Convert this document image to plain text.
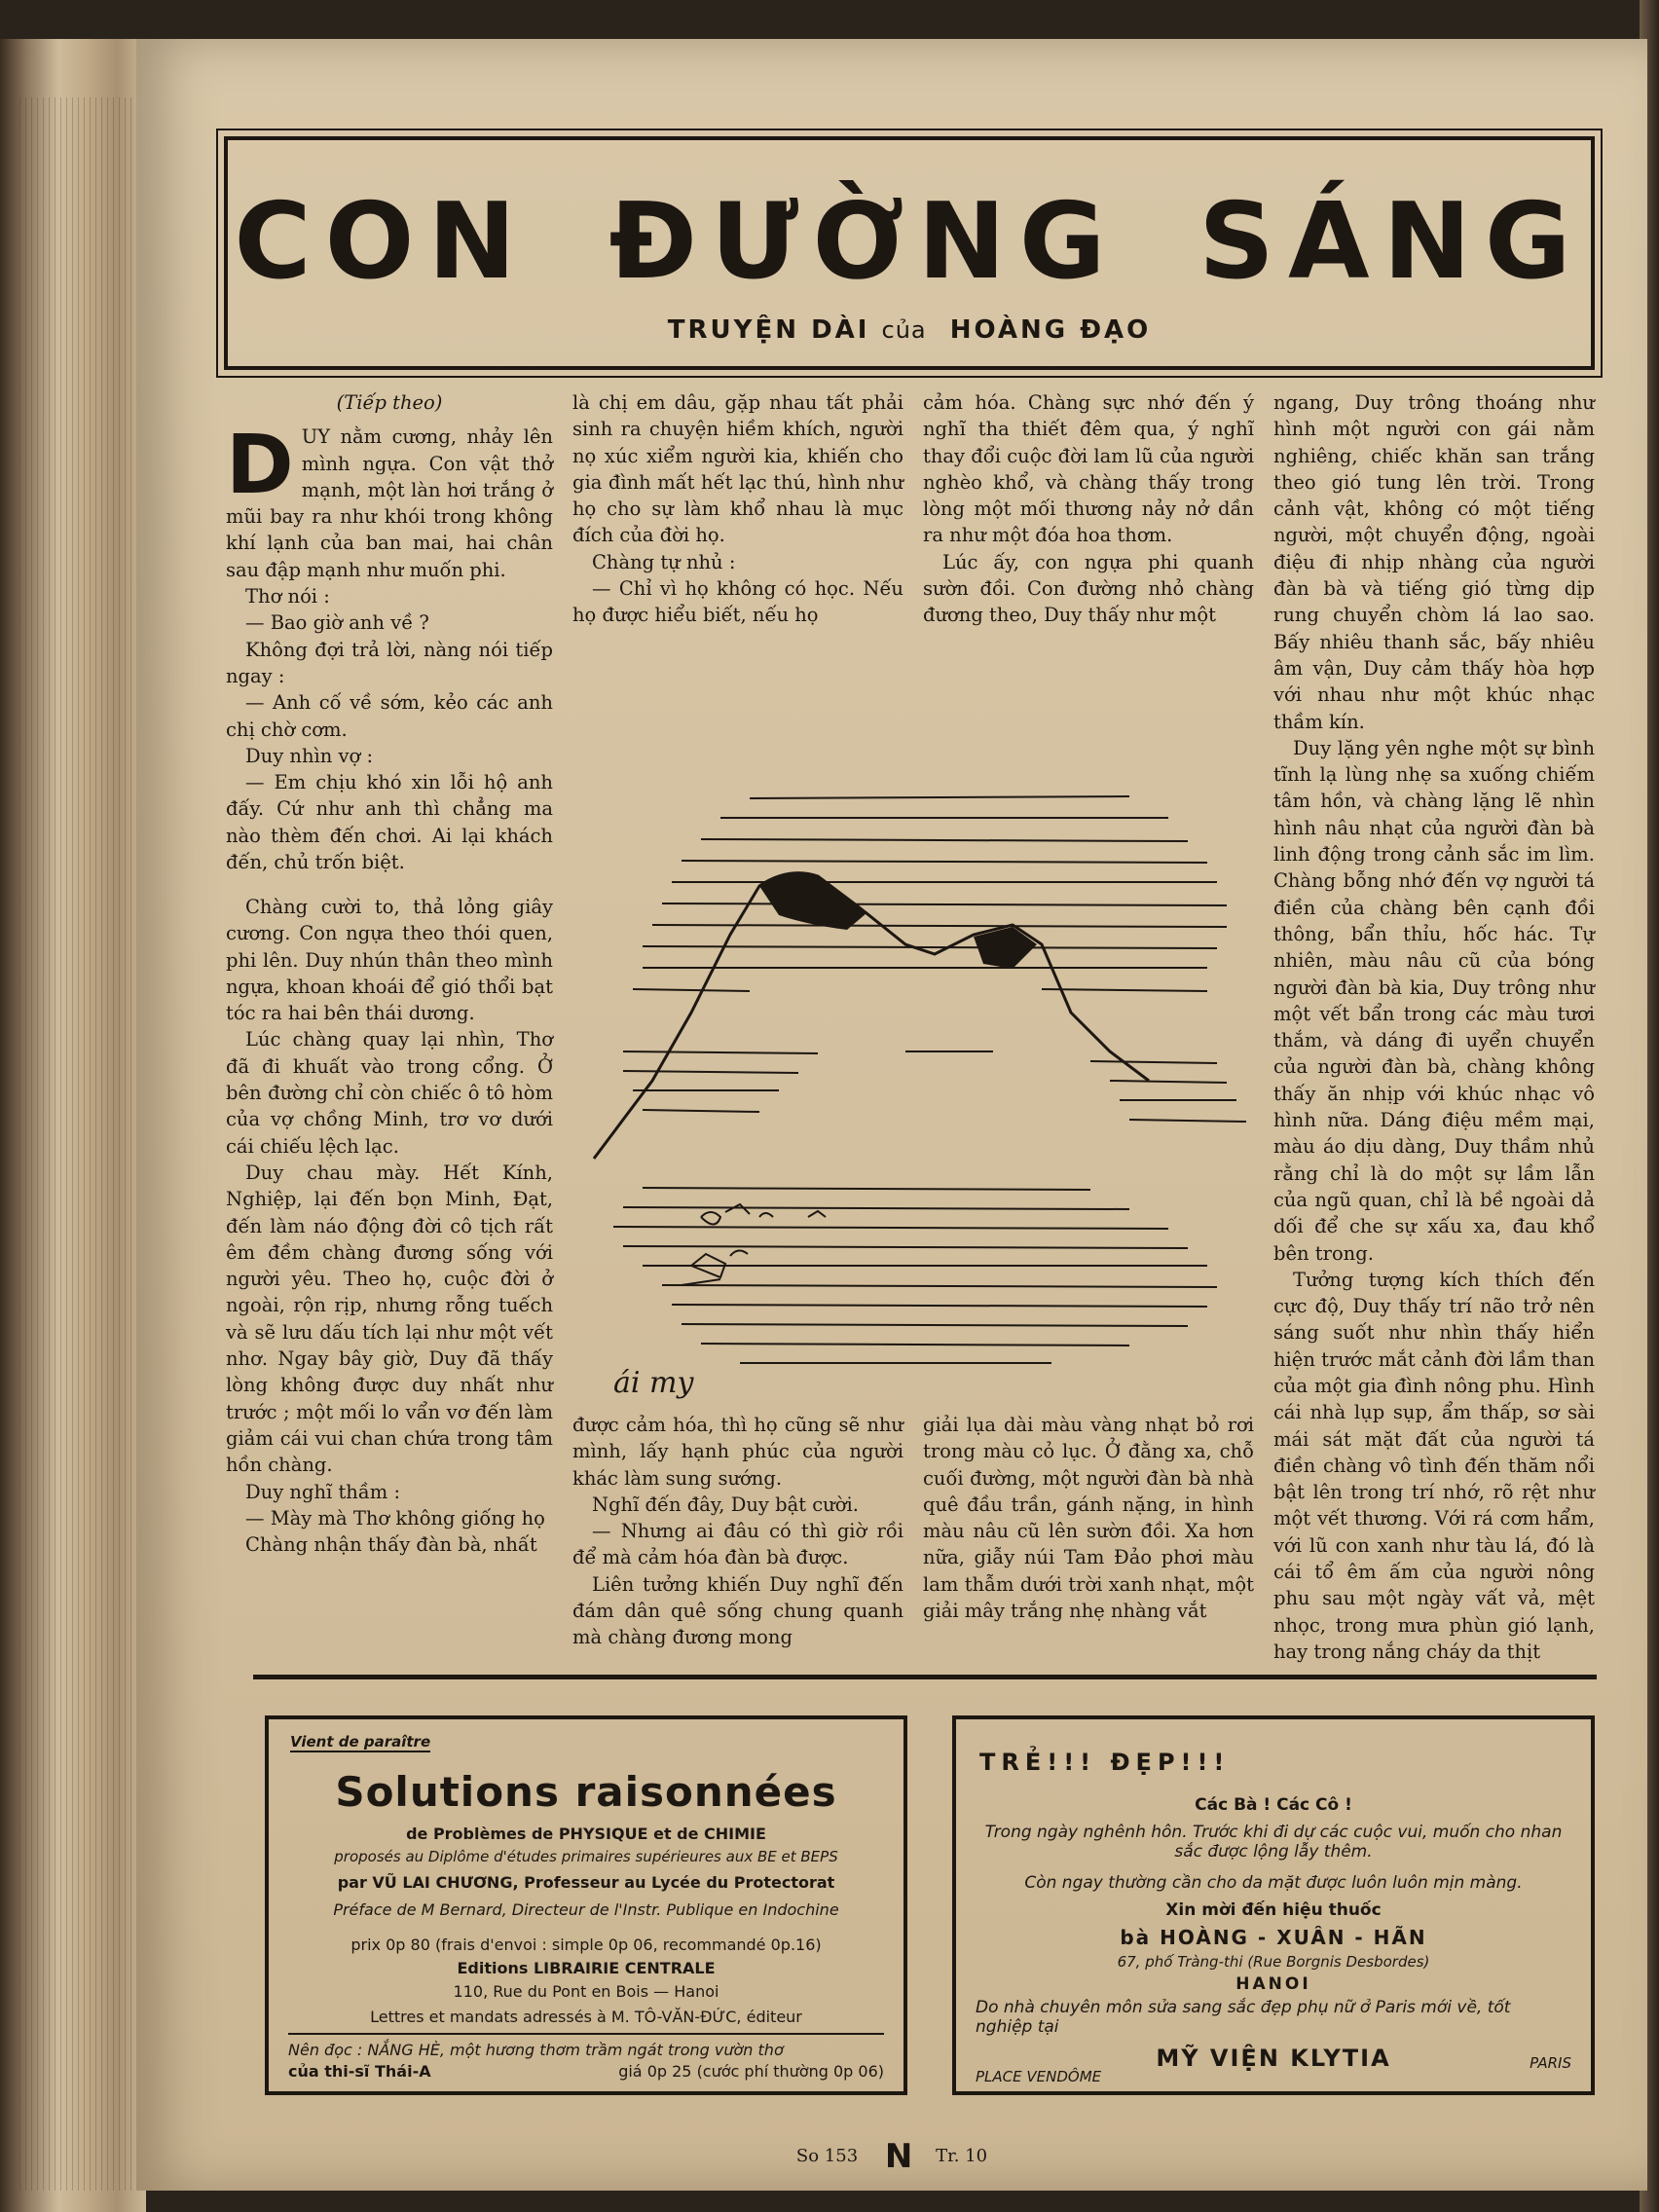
CON ĐƯỜNG SÁNG
TRUYỆN DÀI của HOÀNG ĐẠO

(Tiếp theo)

DUY nằm cương, nhảy lên mình ngựa. Con vật thở mạnh, một làn hơi trắng ở mũi bay ra như khói trong không khí lạnh của ban mai, hai chân sau đập mạnh như muốn phi.

Thơ nói :

— Bao giờ anh về ?

Không đợi trả lời, nàng nói tiếp ngay :

— Anh cố về sớm, kẻo các anh chị chờ cơm.

Duy nhìn vợ :

— Em chịu khó xin lỗi hộ anh đấy. Cứ như anh thì chẳng ma nào thèm đến chơi. Ai lại khách đến, chủ trốn biệt.

Chàng cười to, thả lỏng giây cương. Con ngựa theo thói quen, phi lên. Duy nhún thân theo mình ngựa, khoan khoái để gió thổi bạt tóc ra hai bên thái dương.

Lúc chàng quay lại nhìn, Thơ đã đi khuất vào trong cổng. Ở bên đường chỉ còn chiếc ô tô hòm của vợ chồng Minh, trơ vơ dưới cái chiếu lệch lạc.

Duy chau mày. Hết Kính, Nghiệp, lại đến bọn Minh, Đạt, đến làm náo động đời cô tịch rất êm đềm chàng đương sống với người yêu. Theo họ, cuộc đời ở ngoài, rộn rịp, nhưng rỗng tuếch và sẽ lưu dấu tích lại như một vết nhơ. Ngay bây giờ, Duy đã thấy lòng không được duy nhất như trước ; một mối lo vẩn vơ đến làm giảm cái vui chan chứa trong tâm hồn chàng.

Duy nghĩ thầm :

— Mày mà Thơ không giống họ

Chàng nhận thấy đàn bà, nhất

là chị em dâu, gặp nhau tất phải sinh ra chuyện hiềm khích, người nọ xúc xiểm người kia, khiến cho gia đình mất hết lạc thú, hình như họ cho sự làm khổ nhau là mục đích của đời họ.

Chàng tự nhủ :

— Chỉ vì họ không có học. Nếu họ được hiểu biết, nếu họ

được cảm hóa, thì họ cũng sẽ như mình, lấy hạnh phúc của người khác làm sung sướng.

Nghĩ đến đây, Duy bật cười.

— Nhưng ai đâu có thì giờ rồi để mà cảm hóa đàn bà được.

Liên tưởng khiến Duy nghĩ đến đám dân quê sống chung quanh mà chàng đương mong

cảm hóa. Chàng sực nhớ đến ý nghĩ tha thiết đêm qua, ý nghĩ thay đổi cuộc đời lam lũ của người nghèo khổ, và chàng thấy trong lòng một mối thương nảy nở dần ra như một đóa hoa thơm.

Lúc ấy, con ngựa phi quanh sườn đồi. Con đường nhỏ chàng đương theo, Duy thấy như một

giải lụa dài màu vàng nhạt bỏ rơi trong màu cỏ lục. Ở đằng xa, chỗ cuối đường, một người đàn bà nhà quê đầu trần, gánh nặng, in hình màu nâu cũ lên sườn đồi. Xa hơn nữa, giẫy núi Tam Đảo phơi màu lam thẫm dưới trời xanh nhạt, một giải mây trắng nhẹ nhàng vắt

ngang, Duy trông thoáng như hình một người con gái nằm nghiêng, chiếc khăn san trắng theo gió tung lên trời. Trong cảnh vật, không có một tiếng người, một chuyển động, ngoài điệu đi nhịp nhàng của người đàn bà và tiếng gió từng dịp rung chuyển chòm lá lao sao. Bấy nhiêu thanh sắc, bấy nhiêu âm vận, Duy cảm thấy hòa hợp với nhau như một khúc nhạc thầm kín.

Duy lặng yên nghe một sự bình tĩnh lạ lùng nhẹ sa xuống chiếm tâm hồn, và chàng lặng lẽ nhìn hình nâu nhạt của người đàn bà linh động trong cảnh sắc im lìm. Chàng bỗng nhớ đến vợ người tá điền của chàng bên cạnh đồi thông, bẩn thỉu, hốc hác. Tự nhiên, màu nâu cũ của bóng người đàn bà kia, Duy trông như một vết bẩn trong các màu tươi thắm, và dáng đi uyển chuyển của người đàn bà, chàng không thấy ăn nhịp với khúc nhạc vô hình nữa. Dáng điệu mềm mại, màu áo dịu dàng, Duy thầm nhủ rằng chỉ là do một sự lầm lẫn của ngũ quan, chỉ là bề ngoài dả dối để che sự xấu xa, đau khổ bên trong.

Tưởng tượng kích thích đến cực độ, Duy thấy trí não trở nên sáng suốt như nhìn thấy hiển hiện trước mắt cảnh đời lầm than của một gia đình nông phu. Hình cái nhà lụp sụp, ẩm thấp, sơ sài mái sát mặt đất của người tá điền chàng vô tình đến thăm nổi bật lên trong trí nhớ, rõ rệt như một vết thương. Với rá cơm hẩm, với lũ con xanh như tàu lá, đó là cái tổ êm ấm của người nông phu sau một ngày vất vả, mệt nhọc, trong mưa phùn gió lạnh, hay trong nắng cháy da thịt

ái my
Vient de paraître
Solutions raisonnées
de Problèmes de PHYSIQUE et de CHIMIE
proposés au Diplôme d'études primaires supérieures aux BE et BEPS
par VŨ LAI CHƯƠNG, Professeur au Lycée du Protectorat
Préface de M Bernard, Directeur de l'Instr. Publique en Indochine
prix 0p 80 (frais d'envoi : simple 0p 06, recommandé 0p.16)
Editions LIBRAIRIE CENTRALE
110, Rue du Pont en Bois — Hanoi
Lettres et mandats adressés à M. TÔ-VĂN-ĐỨC, éditeur
Nên đọc : NẮNG HÈ, một hương thơm trầm ngát trong vườn thơ
của thi-sĩ Thái-A	giá 0p 25 (cước phí thường 0p 06)
TRẺ!!! ĐẸP!!!
Các Bà ! Các Cô !
Trong ngày nghênh hôn. Trước khi đi dự các cuộc vui, muốn cho nhan sắc được lộng lẫy thêm.
Còn ngay thường cần cho da mặt được luôn luôn mịn màng.
Xin mời đến hiệu thuốc
bà HOÀNG - XUÂN - HÃN
67, phố Tràng-thi (Rue Borgnis Desbordes)
HANOI
Do nhà chuyên môn sửa sang sắc đẹp phụ nữ ở Paris mới về, tốt nghiệp tại
MỸ VIỆN KLYTIA
PLACE VENDÔME
PARIS
So 153 N Tr. 10
